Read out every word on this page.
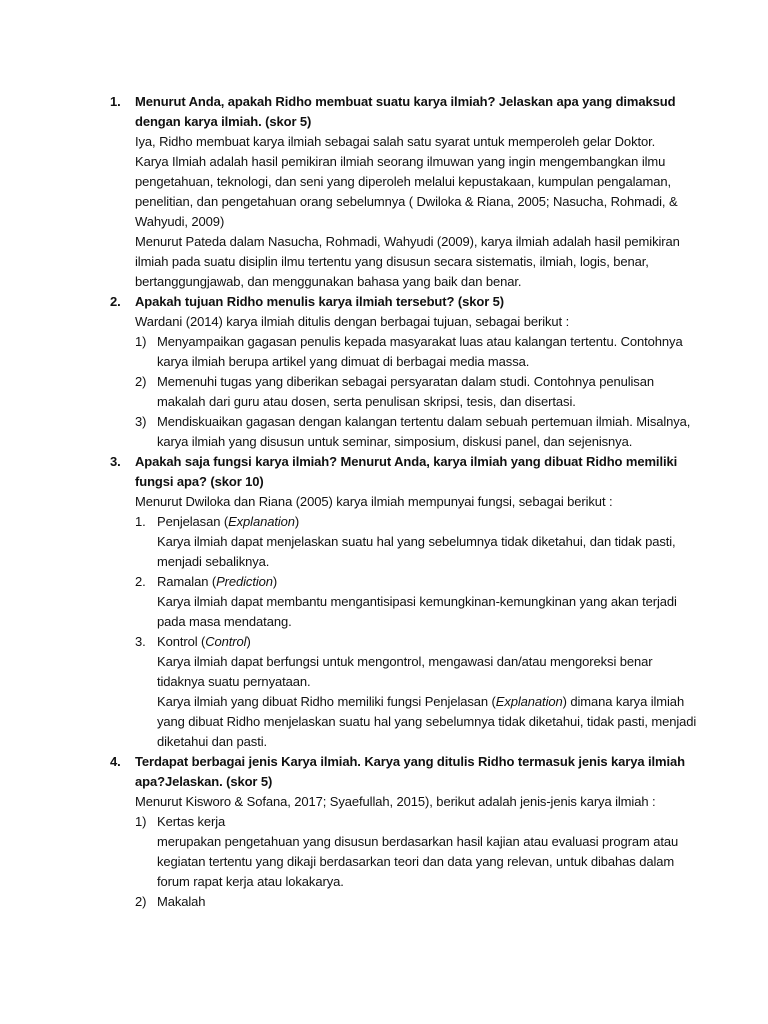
1. Menurut Anda, apakah Ridho membuat suatu karya ilmiah? Jelaskan apa yang dimaksud dengan karya ilmiah. (skor 5)

Iya, Ridho membuat karya ilmiah sebagai salah satu syarat untuk memperoleh gelar Doktor.

Karya Ilmiah adalah hasil pemikiran ilmiah seorang ilmuwan yang ingin mengembangkan ilmu pengetahuan, teknologi, dan seni yang diperoleh melalui kepustakaan, kumpulan pengalaman, penelitian, dan pengetahuan orang sebelumnya ( Dwiloka & Riana, 2005; Nasucha, Rohmadi, & Wahyudi, 2009)

Menurut Pateda dalam Nasucha, Rohmadi, Wahyudi (2009), karya ilmiah adalah hasil pemikiran ilmiah pada suatu disiplin ilmu tertentu yang disusun secara sistematis, ilmiah, logis, benar, bertanggungjawab, dan menggunakan bahasa yang baik dan benar.

2. Apakah tujuan Ridho menulis karya ilmiah tersebut? (skor 5)

Wardani (2014) karya ilmiah ditulis dengan berbagai tujuan, sebagai berikut :

1) Menyampaikan gagasan penulis kepada masyarakat luas atau kalangan tertentu. Contohnya karya ilmiah berupa artikel yang dimuat di berbagai media massa.
2) Memenuhi tugas yang diberikan sebagai persyaratan dalam studi. Contohnya penulisan makalah dari guru atau dosen, serta penulisan skripsi, tesis, dan disertasi.
3) Mendiskuaikan gagasan dengan kalangan tertentu dalam sebuah pertemuan ilmiah. Misalnya, karya ilmiah yang disusun untuk seminar, simposium, diskusi panel, dan sejenisnya.
3. Apakah saja fungsi karya ilmiah? Menurut Anda, karya ilmiah yang dibuat Ridho memiliki fungsi apa? (skor 10)

Menurut Dwiloka dan Riana (2005) karya ilmiah mempunyai fungsi, sebagai berikut :

1. Penjelasan (Explanation)
Karya ilmiah dapat menjelaskan suatu hal yang sebelumnya tidak diketahui, dan tidak pasti, menjadi sebaliknya.
2. Ramalan (Prediction)
Karya ilmiah dapat membantu mengantisipasi kemungkinan-kemungkinan yang akan terjadi pada masa mendatang.
3. Kontrol (Control)
Karya ilmiah dapat berfungsi untuk mengontrol, mengawasi dan/atau mengoreksi benar tidaknya suatu pernyataan.
Karya ilmiah yang dibuat Ridho memiliki fungsi Penjelasan (Explanation) dimana karya ilmiah yang dibuat Ridho menjelaskan suatu hal yang sebelumnya tidak diketahui, tidak pasti, menjadi diketahui dan pasti.
4. Terdapat berbagai jenis Karya ilmiah. Karya yang ditulis Ridho termasuk jenis karya ilmiah apa?Jelaskan. (skor 5)

Menurut Kisworo & Sofana, 2017; Syaefullah, 2015), berikut adalah jenis-jenis karya ilmiah :

1) Kertas kerja
merupakan pengetahuan yang disusun berdasarkan hasil kajian atau evaluasi program atau kegiatan tertentu yang dikaji berdasarkan teori dan data yang relevan, untuk dibahas dalam forum rapat kerja atau lokakarya.
2) Makalah
